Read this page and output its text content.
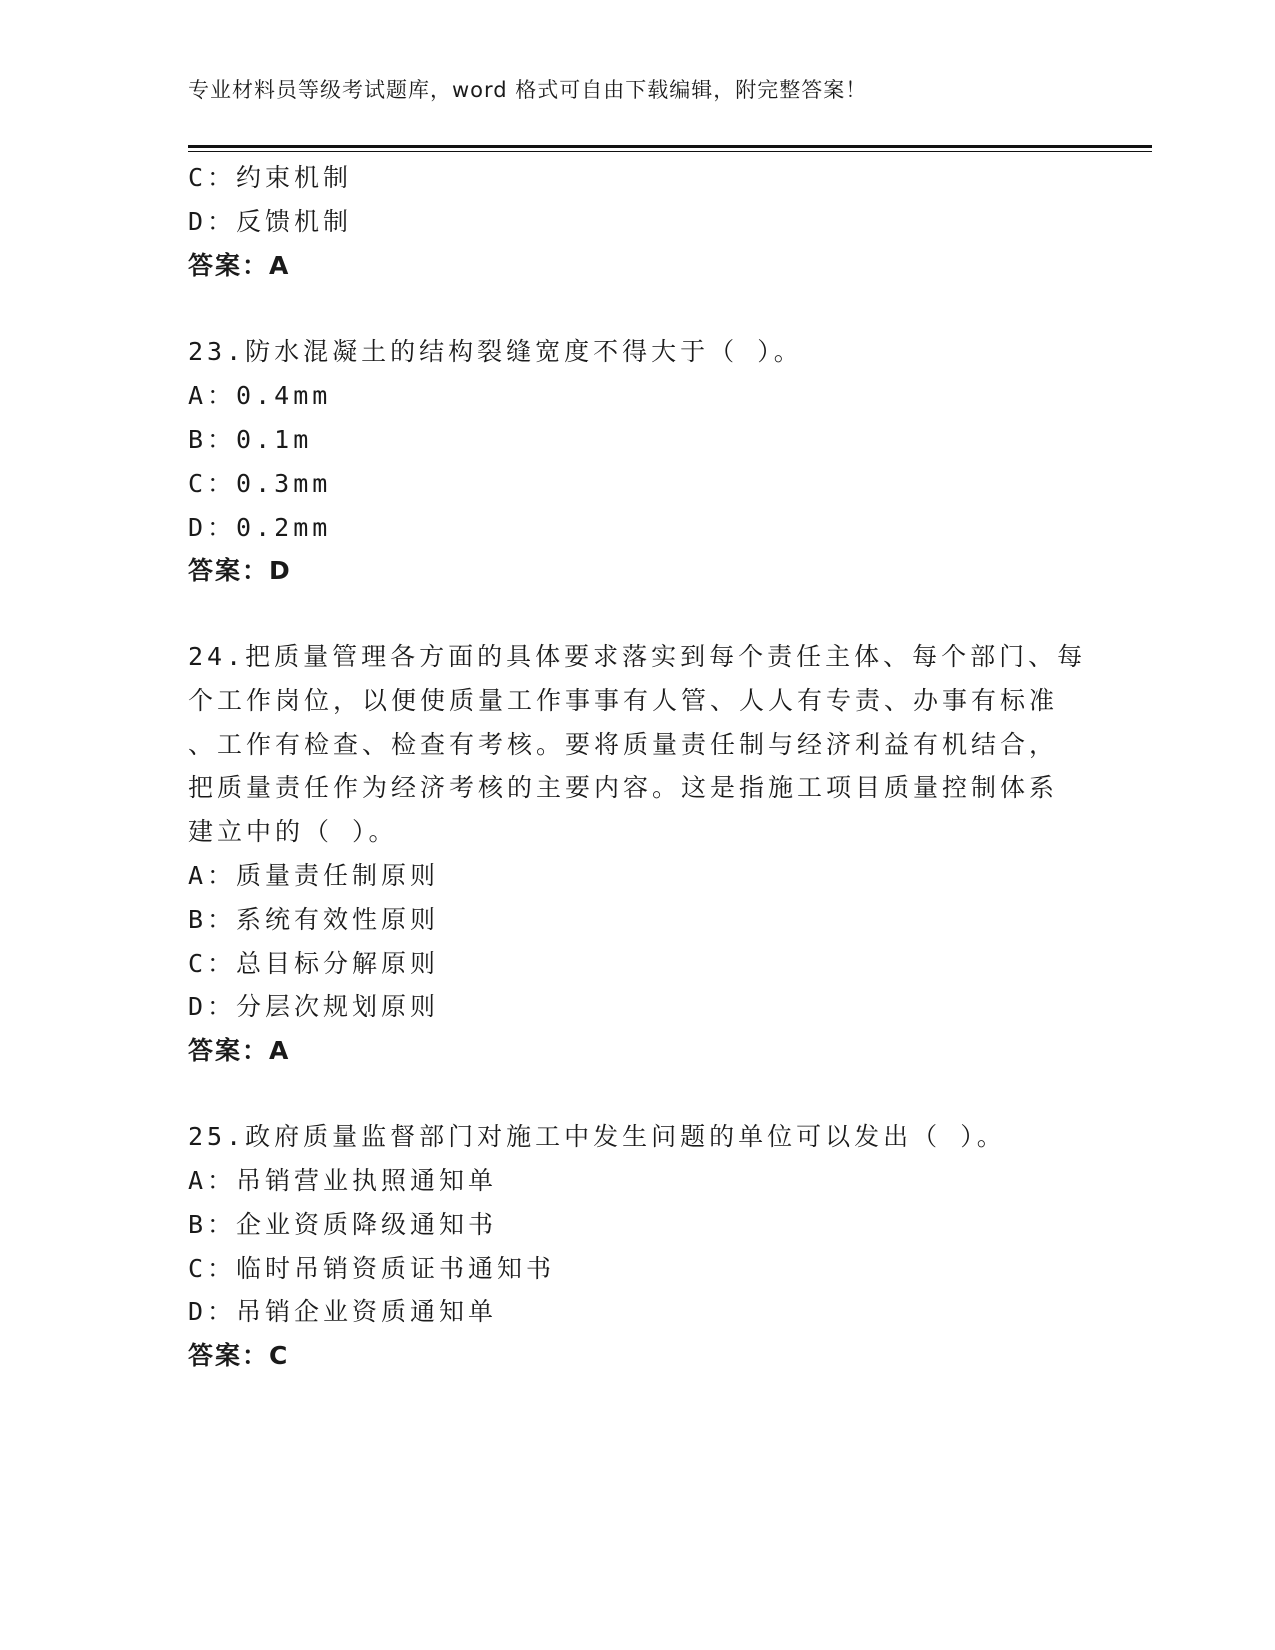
专业材料员等级考试题库，word 格式可自由下载编辑，附完整答案！
C：约束机制
D：反馈机制
答案：A
23.防水混凝土的结构裂缝宽度不得大于（ ）。
A：0.4mm
B：0.1m
C：0.3mm
D：0.2mm
答案：D
24.把质量管理各方面的具体要求落实到每个责任主体、每个部门、每
个工作岗位，以便使质量工作事事有人管、人人有专责、办事有标准
、工作有检查、检查有考核。要将质量责任制与经济利益有机结合，
把质量责任作为经济考核的主要内容。这是指施工项目质量控制体系
建立中的（ ）。
A：质量责任制原则
B：系统有效性原则
C：总目标分解原则
D：分层次规划原则
答案：A
25.政府质量监督部门对施工中发生问题的单位可以发出（ ）。
A：吊销营业执照通知单
B：企业资质降级通知书
C：临时吊销资质证书通知书
D：吊销企业资质通知单
答案：C
